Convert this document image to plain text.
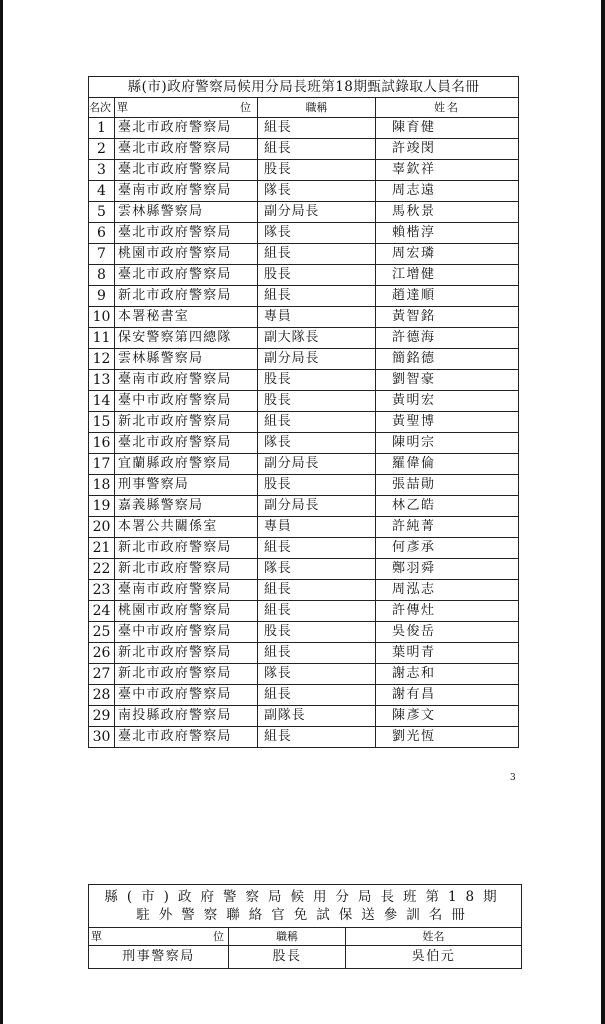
縣(市)政府警察局候用分局長班第18期甄試錄取人員名冊			
名次	單 位	職稱	姓名
1	臺北市政府警察局	組長	陳育健
2	臺北市政府警察局	組長	許竣閔
3	臺北市政府警察局	股長	辜欽祥
4	臺南市政府警察局	隊長	周志遠
5	雲林縣警察局	副分局長	馬秋景
6	臺北市政府警察局	隊長	賴楷淳
7	桃園市政府警察局	組長	周宏璘
8	臺北市政府警察局	股長	江增健
9	新北市政府警察局	組長	趙達順
10	本署秘書室	專員	黃智銘
11	保安警察第四總隊	副大隊長	許德海
12	雲林縣警察局	副分局長	簡銘德
13	臺南市政府警察局	股長	劉智豪
14	臺中市政府警察局	股長	黃明宏
15	新北市政府警察局	組長	黃聖博
16	臺北市政府警察局	隊長	陳明宗
17	宜蘭縣政府警察局	副分局長	羅偉倫
18	刑事警察局	股長	張喆勛
19	嘉義縣警察局	副分局長	林乙皓
20	本署公共關係室	專員	許純菁
21	新北市政府警察局	組長	何彥承
22	新北市政府警察局	隊長	鄭羽舜
23	臺南市政府警察局	組長	周泓志
24	桃園市政府警察局	組長	許傳灶
25	臺中市政府警察局	股長	吳俊岳
26	新北市政府警察局	組長	葉明青
27	新北市政府警察局	隊長	謝志和
28	臺中市政府警察局	組長	謝有昌
29	南投縣政府警察局	副隊長	陳彥文
30	臺北市政府警察局	組長	劉光恆
3
縣(市)政府警察局候用分局長班第18期
駐外警察聯絡官免試保送參訓名冊		

單 位	職稱	姓名
刑事警察局	股長	吳伯元
